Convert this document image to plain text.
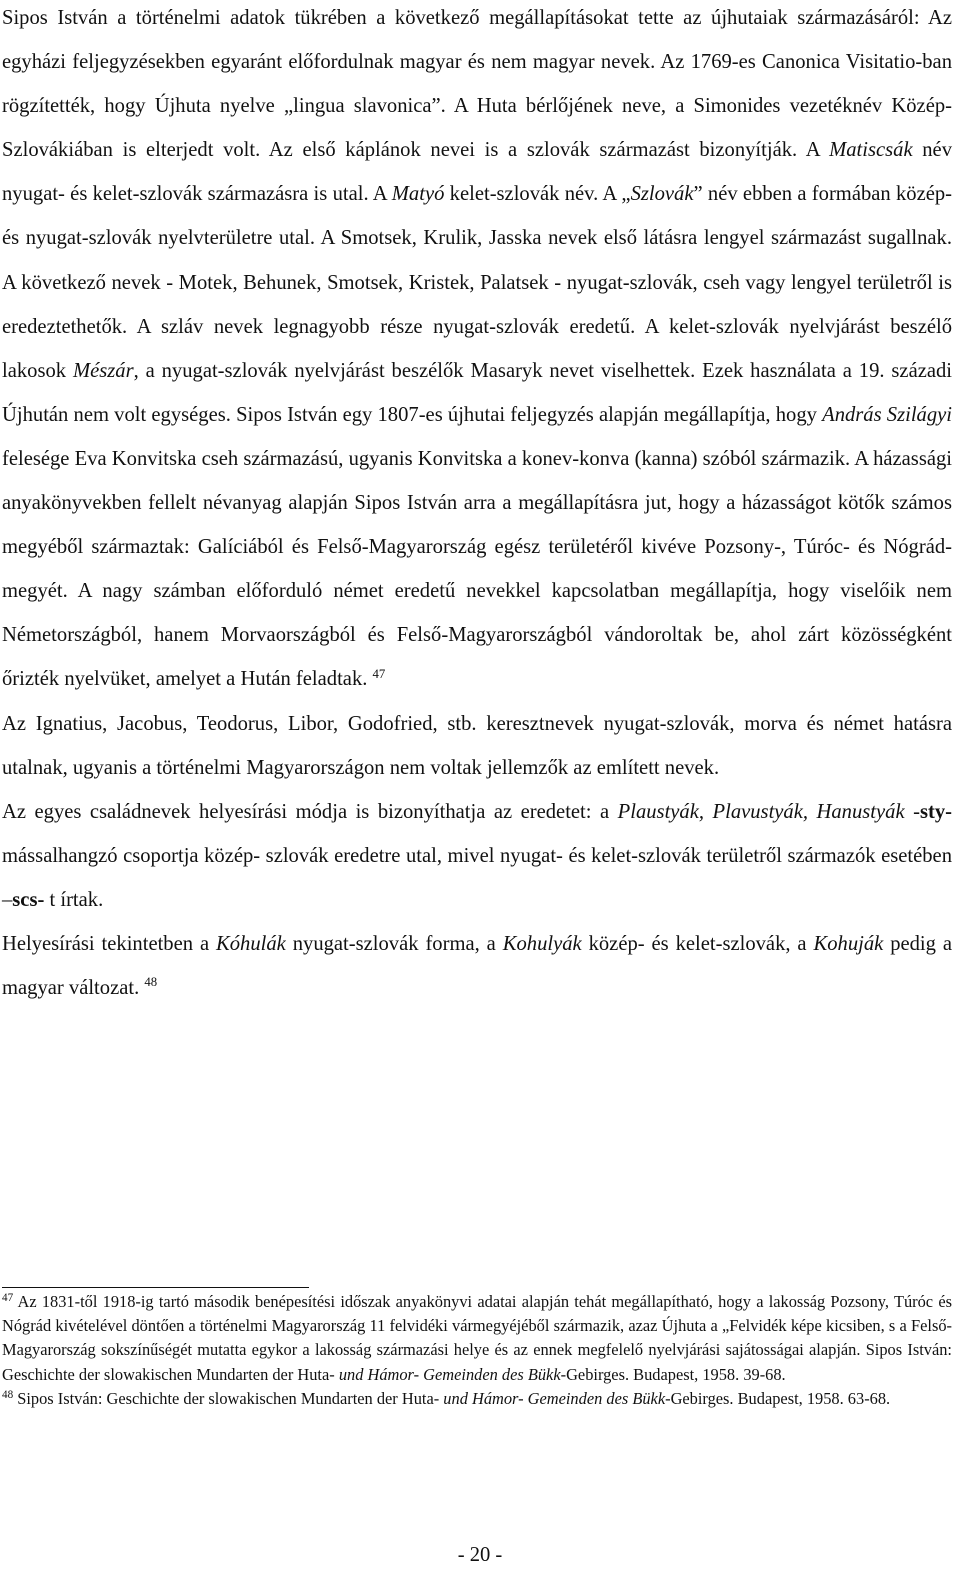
Sipos István a történelmi adatok tükrében a következő megállapításokat tette az újhutaiak származásáról: Az egyházi feljegyzésekben egyaránt előfordulnak magyar és nem magyar nevek. Az 1769-es Canonica Visitatio-ban rögzítették, hogy Újhuta nyelve „lingua slavonica”. A Huta bérlőjének neve, a Simonides vezetéknév Közép-Szlovákiában is elterjedt volt. Az első káplánok nevei is a szlovák származást bizonyítják. A Matiscsák név nyugat- és kelet-szlovák származásra is utal. A Matyó kelet-szlovák név. A „Szlovák” név ebben a formában közép- és nyugat-szlovák nyelvterületre utal. A Smotsek, Krulik, Jasska nevek első látásra lengyel származást sugallnak. A következő nevek - Motek, Behunek, Smotsek, Kristek, Palatsek - nyugat-szlovák, cseh vagy lengyel területről is eredeztethetők. A szláv nevek legnagyobb része nyugat-szlovák eredetű. A kelet-szlovák nyelvjárást beszélő lakosok Mészár, a nyugat-szlovák nyelvjárást beszélők Masaryk nevet viselhettek. Ezek használata a 19. századi Újhután nem volt egységes. Sipos István egy 1807-es újhutai feljegyzés alapján megállapítja, hogy András Szilágyi felesége Eva Konvitska cseh származású, ugyanis Konvitska a konev-konva (kanna) szóból származik. A házassági anyakönyvekben fellelt névanyag alapján Sipos István arra a megállapításra jut, hogy a házasságot kötők számos megyéből származtak: Galíciából és Felső-Magyarország egész területéről kivéve Pozsony-, Túróc- és Nógrád-megyét. A nagy számban előforduló német eredetű nevekkel kapcsolatban megállapítja, hogy viselőik nem Németországból, hanem Morvaországból és Felső-Magyarországból vándoroltak be, ahol zárt közösségként őrizték nyelvüket, amelyet a Hután feladtak. $^{47}$

Az Ignatius, Jacobus, Teodorus, Libor, Godofried, stb. keresztnevek nyugat-szlovák, morva és német hatásra utalnak, ugyanis a történelmi Magyarországon nem voltak jellemzők az említett nevek.

Az egyes családnevek helyesírási módja is bizonyíthatja az eredetet: a Plaustyák, Plavustyák, Hanustyák -sty- mássalhangzó csoportja közép- szlovák eredetre utal, mivel nyugat- és kelet-szlovák területről származók esetében –scs- t írtak.

Helyesírási tekintetben a Kóhulák nyugat-szlovák forma, a Kohulyák közép- és kelet-szlovák, a Kohuják pedig a magyar változat. $^{48}$

$^{47}$ Az 1831-től 1918-ig tartó második benépesítési időszak anyakönyvi adatai alapján tehát megállapítható, hogy a lakosság Pozsony, Túróc és Nógrád kivételével döntően a történelmi Magyarország 11 felvidéki vármegyéjéből származik, azaz Újhuta a „Felvidék képe kicsiben, s a Felső-Magyarország sokszínűségét mutatta egykor a lakosság származási helye és az ennek megfelelő nyelvjárási sajátosságai alapján. Sipos István: Geschichte der slowakischen Mundarten der Huta- und Hámor- Gemeinden des Bükk-Gebirges. Budapest, 1958. 39-68.

$^{48}$ Sipos István: Geschichte der slowakischen Mundarten der Huta- und Hámor- Gemeinden des Bükk-Gebirges. Budapest, 1958. 63-68.

- 20 -
